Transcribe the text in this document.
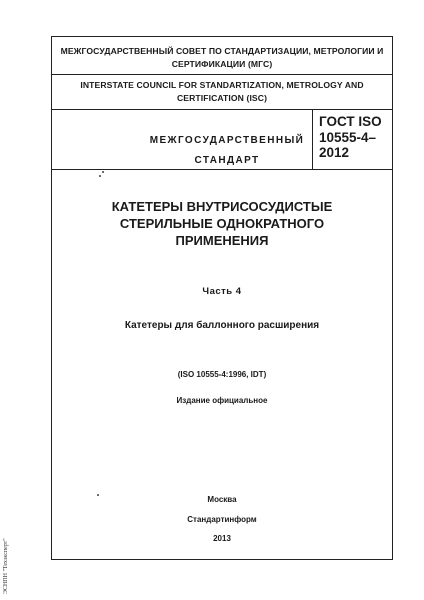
МЕЖГОСУДАРСТВЕННЫЙ СОВЕТ ПО СТАНДАРТИЗАЦИИ, МЕТРОЛОГИИ И СЕРТИФИКАЦИИ (МГС)
INTERSTATE COUNCIL FOR STANDARTIZATION, METROLOGY AND CERTIFICATION (ISC)
МЕЖГОСУДАРСТВЕННЫЙ
СТАНДАРТ
ГОСТ ISO
10555-4–
2012
КАТЕТЕРЫ ВНУТРИСОСУДИСТЫЕ
СТЕРИЛЬНЫЕ ОДНОКРАТНОГО
ПРИМЕНЕНИЯ
Часть 4
Катетеры для баллонного расширения
(ISO 10555-4:1996, IDT)
Издание официальное
Москва
Стандартинформ
2013
ЭСНПН "Техэксперт"
